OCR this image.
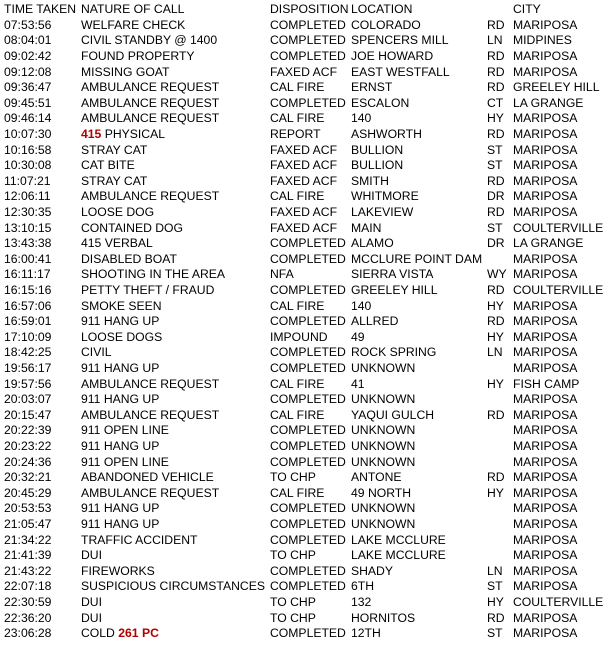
TIME TAKEN NATURE OF CALL	DISPOSITION LOCATION	CITY
07:53:56 WELFARE CHECK	COMPLETED COLORADO	RD MARIPOSA
08:04:01 CIVIL STANDBY @ 1400	COMPLETED SPENCERS MILL	LN MIDPINES
09:02:42 FOUND PROPERTY	COMPLETED JOE HOWARD	RD MARIPOSA
09:12:08 MISSING GOAT	FAXED ACF EAST WESTFALL	RD MARIPOSA
09:36:47 AMBULANCE REQUEST	CAL FIRE ERNST	RD GREELEY HILL
09:45:51 AMBULANCE REQUEST	COMPLETED ESCALON	CT LA GRANGE
09:46:14 AMBULANCE REQUEST	CAL FIRE 140	HY MARIPOSA
10:07:30 415 PHYSICAL	REPORT ASHWORTH	RD MARIPOSA
10:16:58 STRAY CAT	FAXED ACF BULLION	ST MARIPOSA
10:30:08 CAT BITE	FAXED ACF BULLION	ST MARIPOSA
11:07:21 STRAY CAT	FAXED ACF SMITH	RD MARIPOSA
12:06:11 AMBULANCE REQUEST	CAL FIRE WHITMORE	DR MARIPOSA
12:30:35 LOOSE DOG	FAXED ACF LAKEVIEW	RD MARIPOSA
13:10:15 CONTAINED DOG	FAXED ACF MAIN	ST COULTERVILLE
13:43:38 415 VERBAL	COMPLETED ALAMO	DR LA GRANGE
16:00:41 DISABLED BOAT	COMPLETED MCCLURE POINT DAM	MARIPOSA
16:11:17 SHOOTING IN THE AREA	NFA	SIERRA VISTA	WY MARIPOSA
16:15:16 PETTY THEFT / FRAUD	COMPLETED GREELEY HILL	RD COULTERVILLE
16:57:06 SMOKE SEEN	CAL FIRE 140	HY MARIPOSA
16:59:01 911 HANG UP	COMPLETED ALLRED	RD MARIPOSA
17:10:09 LOOSE DOGS	IMPOUND 49	HY MARIPOSA
18:42:25 CIVIL	COMPLETED ROCK SPRING	LN MARIPOSA
19:56:17 911 HANG UP	COMPLETED UNKNOWN	MARIPOSA
19:57:56 AMBULANCE REQUEST	CAL FIRE 41	HY FISH CAMP
20:03:07 911 HANG UP	COMPLETED UNKNOWN	MARIPOSA
20:15:47 AMBULANCE REQUEST	CAL FIRE YAQUI GULCH	RD MARIPOSA
20:22:39 911 OPEN LINE	COMPLETED UNKNOWN	MARIPOSA
20:23:22 911 HANG UP	COMPLETED UNKNOWN	MARIPOSA
20:24:36 911 OPEN LINE	COMPLETED UNKNOWN	MARIPOSA
20:32:21 ABANDONED VEHICLE	TO CHP	ANTONE	RD MARIPOSA
20:45:29 AMBULANCE REQUEST	CAL FIRE 49 NORTH	HY MARIPOSA
20:53:53 911 HANG UP	COMPLETED UNKNOWN	MARIPOSA
21:05:47 911 HANG UP	COMPLETED UNKNOWN	MARIPOSA
21:34:22 TRAFFIC ACCIDENT	COMPLETED LAKE MCCLURE	MARIPOSA
21:41:39 DUI	TO CHP	LAKE MCCLURE	MARIPOSA
21:43:22 FIREWORKS	COMPLETED SHADY	LN MARIPOSA
22:07:18 SUSPICIOUS CIRCUMSTANCES COMPLETED 6TH	ST MARIPOSA
22:30:59 DUI	TO CHP	132	HY COULTERVILLE
22:36:20 DUI	TO CHP	HORNITOS	RD MARIPOSA
23:06:28 COLD 261 PC	COMPLETED 12TH	ST MARIPOSA
